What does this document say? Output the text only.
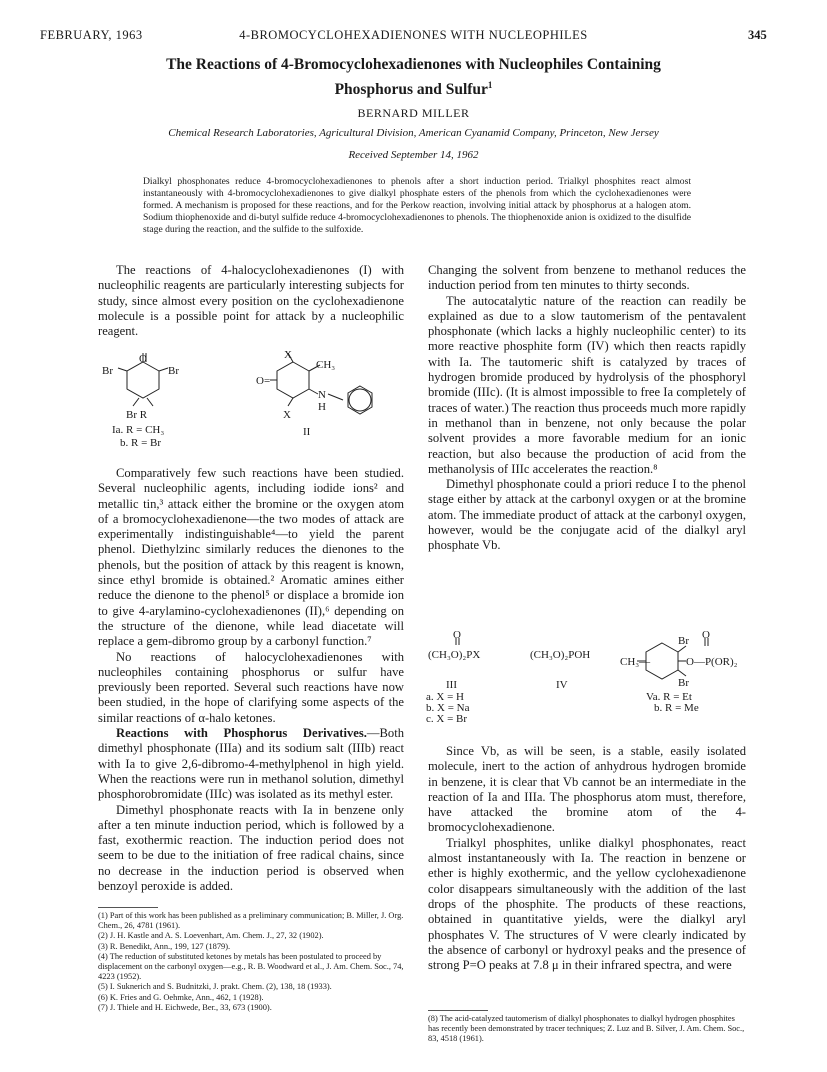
FEBRUARY, 1963	4-BROMOCYCLOHEXADIENONES WITH NUCLEOPHILES	345
The Reactions of 4-Bromocyclohexadienones with Nucleophiles Containing
Phosphorus and Sulfur$^1$
BERNARD MILLER
Chemical Research Laboratories, Agricultural Division, American Cyanamid Company, Princeton, New Jersey
Received September 14, 1962
Dialkyl phosphonates reduce 4-bromocyclohexadienones to phenols after a short induction period. Trialkyl phosphites react almost instantaneously with 4-bromocyclohexadienones to give dialkyl phosphate esters of the phenols from which the cyclohexadienones were formed. A mechanism is proposed for these reactions, and for the Perkow reaction, involving initial attack by phosphorus at a halogen atom. Sodium thiophenoxide and di-butyl sulfide reduce 4-bromocyclohexadienones to phenols. The thiophenoxide anion is oxidized to the disulfide stage during the reaction, and the sulfide to the sulfoxide.

The reactions of 4-halocyclohexadienones (I) with nucleophilic reagents are particularly interesting subjects for study, since almost every position on the cyclohexadienone molecule is a possible point for attack by a nucleophilic reagent.

O
Br	Br
Br R
Ia. R = CH₃
b. R = Br
X
CH₃
O=
X
N
H
II

Comparatively few such reactions have been studied. Several nucleophilic agents, including iodide ions² and metallic tin,³ attack either the bromine or the oxygen atom of a bromocyclohexadienone—the two modes of attack are experimentally indistinguishable⁴—to yield the parent phenol. Diethylzinc similarly reduces the dienones to the phenols, but the position of attack by this reagent is known, since ethyl bromide is obtained.² Aromatic amines either reduce the dienone to the phenol⁵ or displace a bromide ion to give 4-arylamino-cyclohexadienones (II),⁶ depending on the structure of the dienone, while lead diacetate will replace a gem-dibromo group by a carbonyl function.⁷

No reactions of halocyclohexadienones with nucleophiles containing phosphorus or sulfur have previously been reported. Several such reactions have now been studied, in the hope of clarifying some aspects of the similar reactions of α-halo ketones.

Reactions with Phosphorus Derivatives.—Both dimethyl phosphonate (IIIa) and its sodium salt (IIIb) react with Ia to give 2,6-dibromo-4-methylphenol in high yield. When the reactions were run in methanol solution, dimethyl phosphorobromidate (IIIc) was isolated as its methyl ester.

Dimethyl phosphonate reacts with Ia in benzene only after a ten minute induction period, which is followed by a fast, exothermic reaction. The induction period does not seem to be due to the initiation of free radical chains, since no decrease in the induction period is observed when benzoyl peroxide is added.

(1) Part of this work has been published as a preliminary communication; B. Miller, J. Org. Chem., 26, 4781 (1961).
(2) J. H. Kastle and A. S. Loevenhart, Am. Chem. J., 27, 32 (1902).
(3) R. Benedikt, Ann., 199, 127 (1879).
(4) The reduction of substituted ketones by metals has been postulated to proceed by displacement on the carbonyl oxygen—e.g., R. B. Woodward et al., J. Am. Chem. Soc., 74, 4223 (1952).
(5) I. Suknerich and S. Budnitzki, J. prakt. Chem. (2), 138, 18 (1933).
(6) K. Fries and G. Oehmke, Ann., 462, 1 (1928).
(7) J. Thiele and H. Eichwede, Ber., 33, 673 (1900).

Changing the solvent from benzene to methanol reduces the induction period from ten minutes to thirty seconds.

The autocatalytic nature of the reaction can readily be explained as due to a slow tautomerism of the pentavalent phosphonate (which lacks a highly nucleophilic center) to its more reactive phosphite form (IV) which then reacts rapidly with Ia. The tautomeric shift is catalyzed by traces of hydrogen bromide produced by hydrolysis of the phosphoryl bromide (IIIc). (It is almost impossible to free Ia completely of traces of water.) The reaction thus proceeds much more rapidly in methanol than in benzene, not only because the polar solvent provides a more favorable medium for an ionic reaction, but also because the production of acid from the methanolysis of IIIc accelerates the reaction.⁸

Dimethyl phosphonate could a priori reduce I to the phenol stage either by attack at the carbonyl oxygen or at the bromine atom. The immediate product of attack at the carbonyl oxygen, however, would be the conjugate acid of the dialkyl aryl phosphate Vb.

O
(CH₃O)₂PX
III
a. X = H
b. X = Na
c. X = Br
(CH₃O)₂POH
IV
CH₃—
Br
Br
O
O—P(OR)₂
Va. R = Et
b. R = Me

Since Vb, as will be seen, is a stable, easily isolated molecule, inert to the action of anhydrous hydrogen bromide in benzene, it is clear that Vb cannot be an intermediate in the reaction of Ia and IIIa. The phosphorus atom must, therefore, have attacked the bromine atom of the 4-bromocyclohexadienone.

Trialkyl phosphites, unlike dialkyl phosphonates, react almost instantaneously with Ia. The reaction in benzene or ether is highly exothermic, and the yellow cyclohexadienone color disappears simultaneously with the addition of the last drops of the phosphite. The products of these reactions, obtained in quantitative yields, were the dialkyl aryl phosphates V. The structures of V were clearly indicated by the absence of carbonyl or hydroxyl peaks and the presence of strong P=O peaks at 7.8 μ in their infrared spectra, and were

(8) The acid-catalyzed tautomerism of dialkyl phosphonates to dialkyl hydrogen phosphites has recently been demonstrated by tracer techniques; Z. Luz and B. Silver, J. Am. Chem. Soc., 83, 4518 (1961).
